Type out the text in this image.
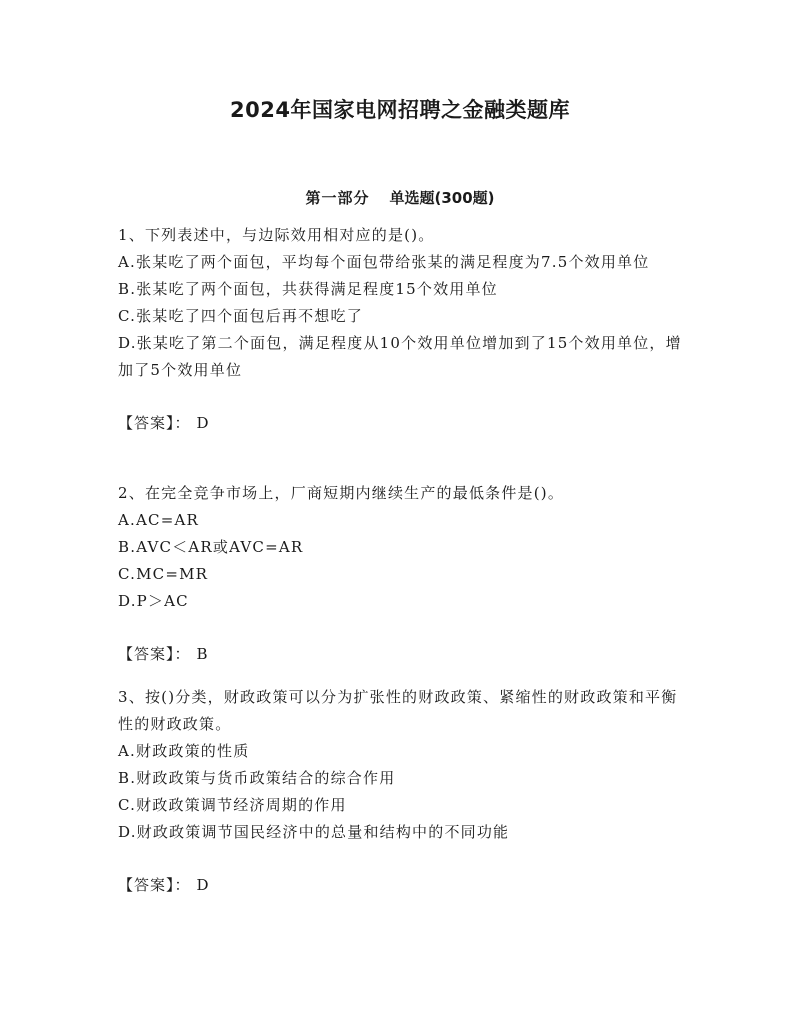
2024年国家电网招聘之金融类题库
第一部分 单选题(300题)

1、下列表述中，与边际效用相对应的是()。

A.张某吃了两个面包，平均每个面包带给张某的满足程度为7.5个效用单位

B.张某吃了两个面包，共获得满足程度15个效用单位

C.张某吃了四个面包后再不想吃了

D.张某吃了第二个面包，满足程度从10个效用单位增加到了15个效用单位，增加了5个效用单位

【答案】： D

2、在完全竞争市场上，厂商短期内继续生产的最低条件是()。

A.AC=AR

B.AVC＜AR或AVC=AR

C.MC=MR

D.P＞AC

【答案】： B

3、按()分类，财政政策可以分为扩张性的财政政策、紧缩性的财政政策和平衡性的财政政策。

A.财政政策的性质

B.财政政策与货币政策结合的综合作用

C.财政政策调节经济周期的作用

D.财政政策调节国民经济中的总量和结构中的不同功能

【答案】： D
